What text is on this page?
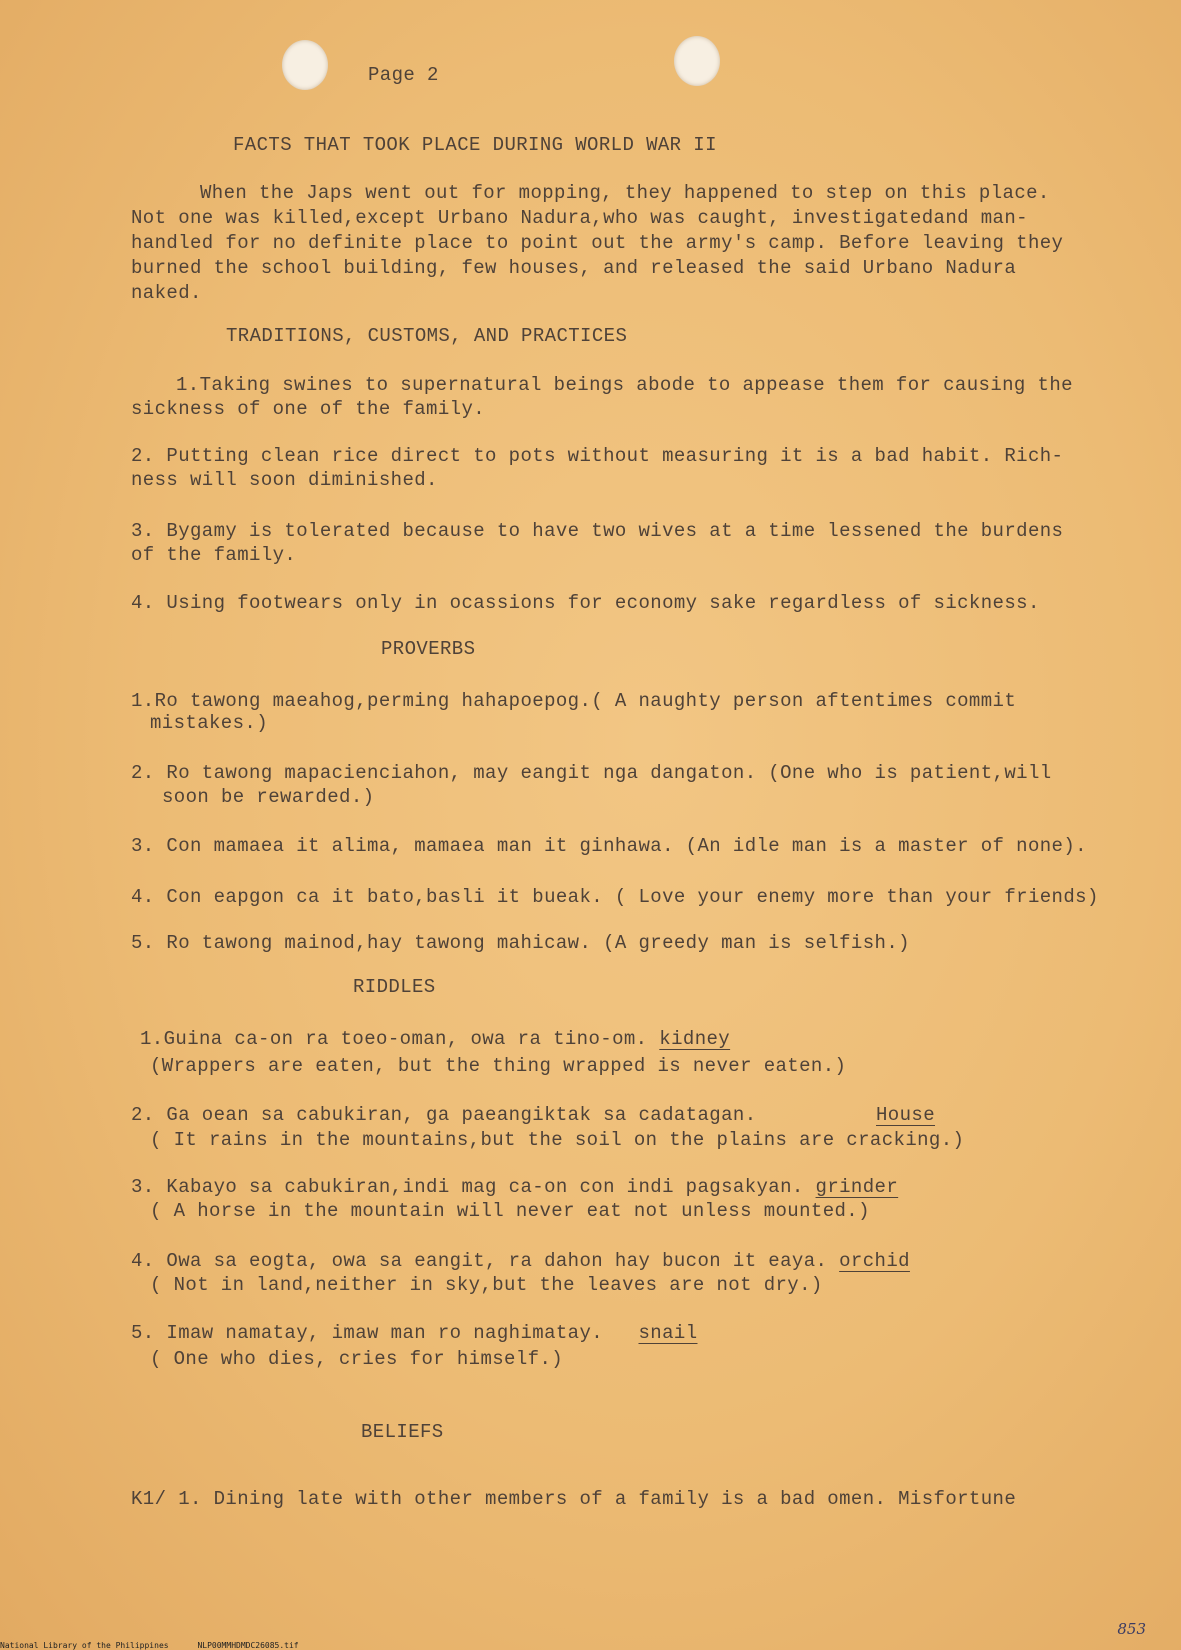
Page 2
FACTS THAT TOOK PLACE DURING WORLD WAR II
When the Japs went out for mopping, they happened to step on this place.
Not one was killed,except Urbano Nadura,who was caught, investigatedand man-
handled for no definite place to point out the army's camp. Before leaving they
burned the school building, few houses, and released the said Urbano Nadura
naked.
TRADITIONS, CUSTOMS, AND PRACTICES
1.Taking swines to supernatural beings abode to appease them for causing the
sickness of one of the family.
2. Putting clean rice direct to pots without measuring it is a bad habit. Rich-
ness will soon diminished.
3. Bygamy is tolerated because to have two wives at a time lessened the burdens
of the family.
4. Using footwears only in ocassions for economy sake regardless of sickness.
PROVERBS
1.Ro tawong maeahog,perming hahapoepog.( A naughty person aftentimes commit
mistakes.)
2. Ro tawong mapacienciahon, may eangit nga dangaton. (One who is patient,will
soon be rewarded.)
3. Con mamaea it alima, mamaea man it ginhawa. (An idle man is a master of none).
4. Con eapgon ca it bato,basli it bueak. ( Love your enemy more than your friends)
5. Ro tawong mainod,hay tawong mahicaw. (A greedy man is selfish.)
RIDDLES
1.Guina ca-on ra toeo-oman, owa ra tino-om. kidney
(Wrappers are eaten, but the thing wrapped is never eaten.)
2. Ga oean sa cabukiran, ga paeangiktak sa cadatagan.	House
( It rains in the mountains,but the soil on the plains are cracking.)
3. Kabayo sa cabukiran,indi mag ca-on con indi pagsakyan. grinder
( A horse in the mountain will never eat not unless mounted.)
4. Owa sa eogta, owa sa eangit, ra dahon hay bucon it eaya. orchid
( Not in land,neither in sky,but the leaves are not dry.)
5. Imaw namatay, imaw man ro naghimatay. snail
( One who dies, cries for himself.)
BELIEFS
K1/ 1. Dining late with other members of a family is a bad omen. Misfortune
853
National Library of the Philippines      NLP00MMHDMDC26085.tif
